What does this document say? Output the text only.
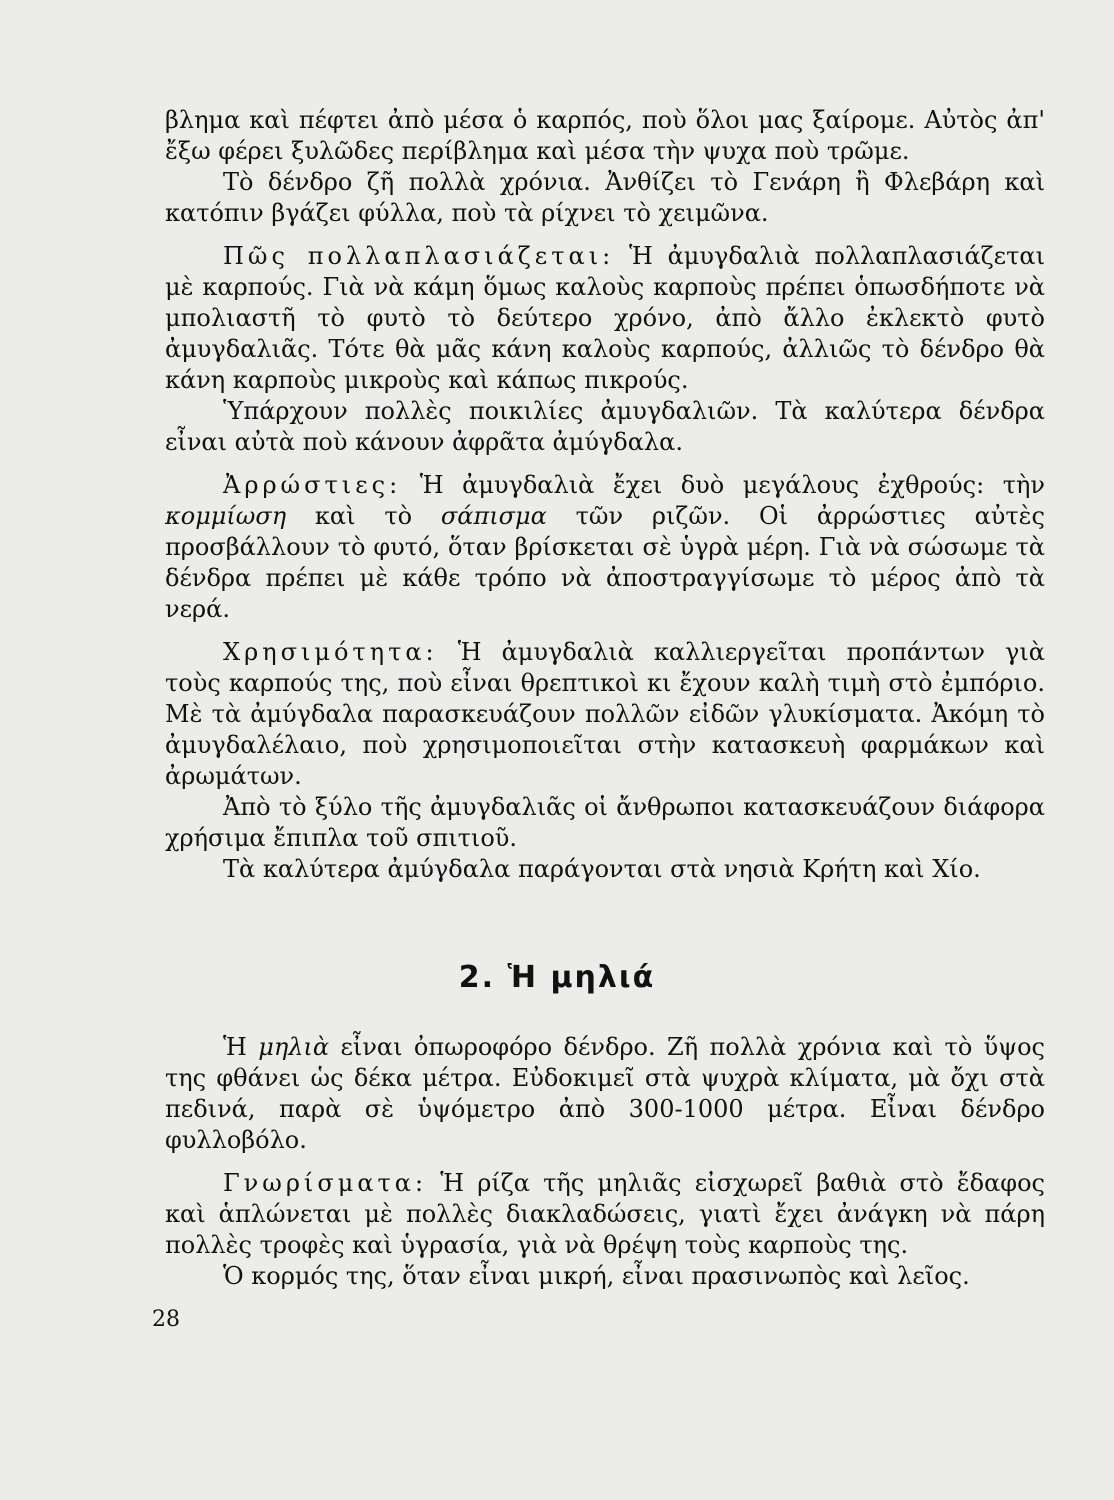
βλημα καὶ πέφτει ἀπὸ μέσα ὁ καρπός, ποὺ ὅλοι μας ξαίρομε. Αὐτὸς ἀπ' ἔξω φέρει ξυλῶδες περίβλημα καὶ μέσα τὴν ψυχα ποὺ τρῶμε.

Τὸ δένδρο ζῆ πολλὰ χρόνια. Ἀνθίζει τὸ Γενάρη ἢ Φλεβάρη καὶ κατόπιν βγάζει φύλλα, ποὺ τὰ ρίχνει τὸ χειμῶνα.

Πῶς πολλαπλασιάζεται: Ἡ ἀμυγδαλιὰ πολλαπλασιάζεται μὲ καρπούς. Γιὰ νὰ κάμη ὅμως καλοὺς καρποὺς πρέπει ὁπωσδήποτε νὰ μπολιαστῆ τὸ φυτὸ τὸ δεύτερο χρόνο, ἀπὸ ἄλλο ἐκλεκτὸ φυτὸ ἀμυγδαλιᾶς. Τότε θὰ μᾶς κάνη καλοὺς καρπούς, ἀλλιῶς τὸ δένδρο θὰ κάνη καρποὺς μικροὺς καὶ κάπως πικρούς.

Ὑπάρχουν πολλὲς ποικιλίες ἀμυγδαλιῶν. Τὰ καλύτερα δένδρα εἶναι αὐτὰ ποὺ κάνουν ἀφρᾶτα ἀμύγδαλα.

Ἀρρώστιες: Ἡ ἀμυγδαλιὰ ἔχει δυὸ μεγάλους ἐχθρούς: τὴν κομμίωση καὶ τὸ σάπισμα τῶν ριζῶν. Οἱ ἀρρώστιες αὐτὲς προσβάλλουν τὸ φυτό, ὅταν βρίσκεται σὲ ὑγρὰ μέρη. Γιὰ νὰ σώσωμε τὰ δένδρα πρέπει μὲ κάθε τρόπο νὰ ἀποστραγγίσωμε τὸ μέρος ἀπὸ τὰ νερά.

Χρησιμότητα: Ἡ ἀμυγδαλιὰ καλλιεργεῖται προπάντων γιὰ τοὺς καρπούς της, ποὺ εἶναι θρεπτικοὶ κι ἔχουν καλὴ τιμὴ στὸ ἐμπόριο. Μὲ τὰ ἀμύγδαλα παρασκευάζουν πολλῶν εἰδῶν γλυκίσματα. Ἀκόμη τὸ ἀμυγδαλέλαιο, ποὺ χρησιμοποιεῖται στὴν κατασκευὴ φαρμάκων καὶ ἀρωμάτων.

Ἀπὸ τὸ ξύλο τῆς ἀμυγδαλιᾶς οἱ ἄνθρωποι κατασκευάζουν διάφορα χρήσιμα ἔπιπλα τοῦ σπιτιοῦ.

Τὰ καλύτερα ἀμύγδαλα παράγονται στὰ νησιὰ Κρήτη καὶ Χίο.

2. Ἡ μηλιά

Ἡ μηλιὰ εἶναι ὀπωροφόρο δένδρο. Ζῆ πολλὰ χρόνια καὶ τὸ ὕψος της φθάνει ὡς δέκα μέτρα. Εὐδοκιμεῖ στὰ ψυχρὰ κλίματα, μὰ ὄχι στὰ πεδινά, παρὰ σὲ ὑψόμετρο ἀπὸ 300-1000 μέτρα. Εἶναι δένδρο φυλλοβόλο.

Γνωρίσματα: Ἡ ρίζα τῆς μηλιᾶς εἰσχωρεῖ βαθιὰ στὸ ἔδαφος καὶ ἁπλώνεται μὲ πολλὲς διακλαδώσεις, γιατὶ ἔχει ἀνάγκη νὰ πάρη πολλὲς τροφὲς καὶ ὑγρασία, γιὰ νὰ θρέψη τοὺς καρποὺς της.

Ὁ κορμός της, ὅταν εἶναι μικρή, εἶναι πρασινωπὸς καὶ λεῖος.

28
